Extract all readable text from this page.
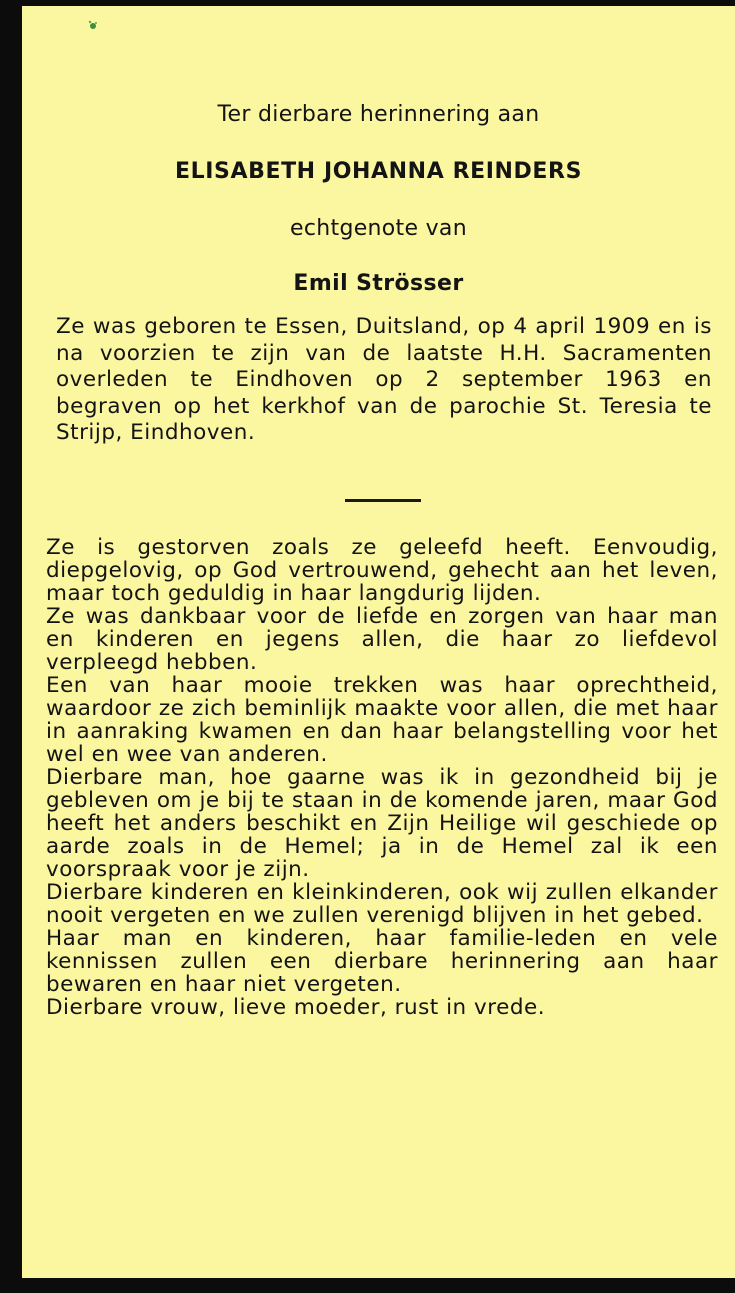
Ter dierbare herinnering aan

ELISABETH JOHANNA REINDERS

echtgenote van

Emil Strösser

Ze was geboren te Essen, Duitsland, op 4 april 1909 en is na voorzien te zijn van de laatste H.H. Sacramenten overleden te Eindhoven op 2 september 1963 en begraven op het kerkhof van de parochie St. Teresia te Strijp, Eindhoven.

Ze is gestorven zoals ze geleefd heeft. Eenvoudig, diepgelovig, op God vertrouwend, gehecht aan het leven, maar toch geduldig in haar langdurig lijden.

Ze was dankbaar voor de liefde en zorgen van haar man en kinderen en jegens allen, die haar zo liefdevol verpleegd hebben.

Een van haar mooie trekken was haar oprechtheid, waardoor ze zich beminlijk maakte voor allen, die met haar in aanraking kwamen en dan haar belangstelling voor het wel en wee van anderen.

Dierbare man, hoe gaarne was ik in gezondheid bij je gebleven om je bij te staan in de komende jaren, maar God heeft het anders beschikt en Zijn Heilige wil geschiede op aarde zoals in de Hemel; ja in de Hemel zal ik een voorspraak voor je zijn.

Dierbare kinderen en kleinkinderen, ook wij zullen elkander nooit vergeten en we zullen verenigd blijven in het gebed.

Haar man en kinderen, haar familie-leden en vele kennissen zullen een dierbare herinnering aan haar bewaren en haar niet vergeten.

Dierbare vrouw, lieve moeder, rust in vrede.
